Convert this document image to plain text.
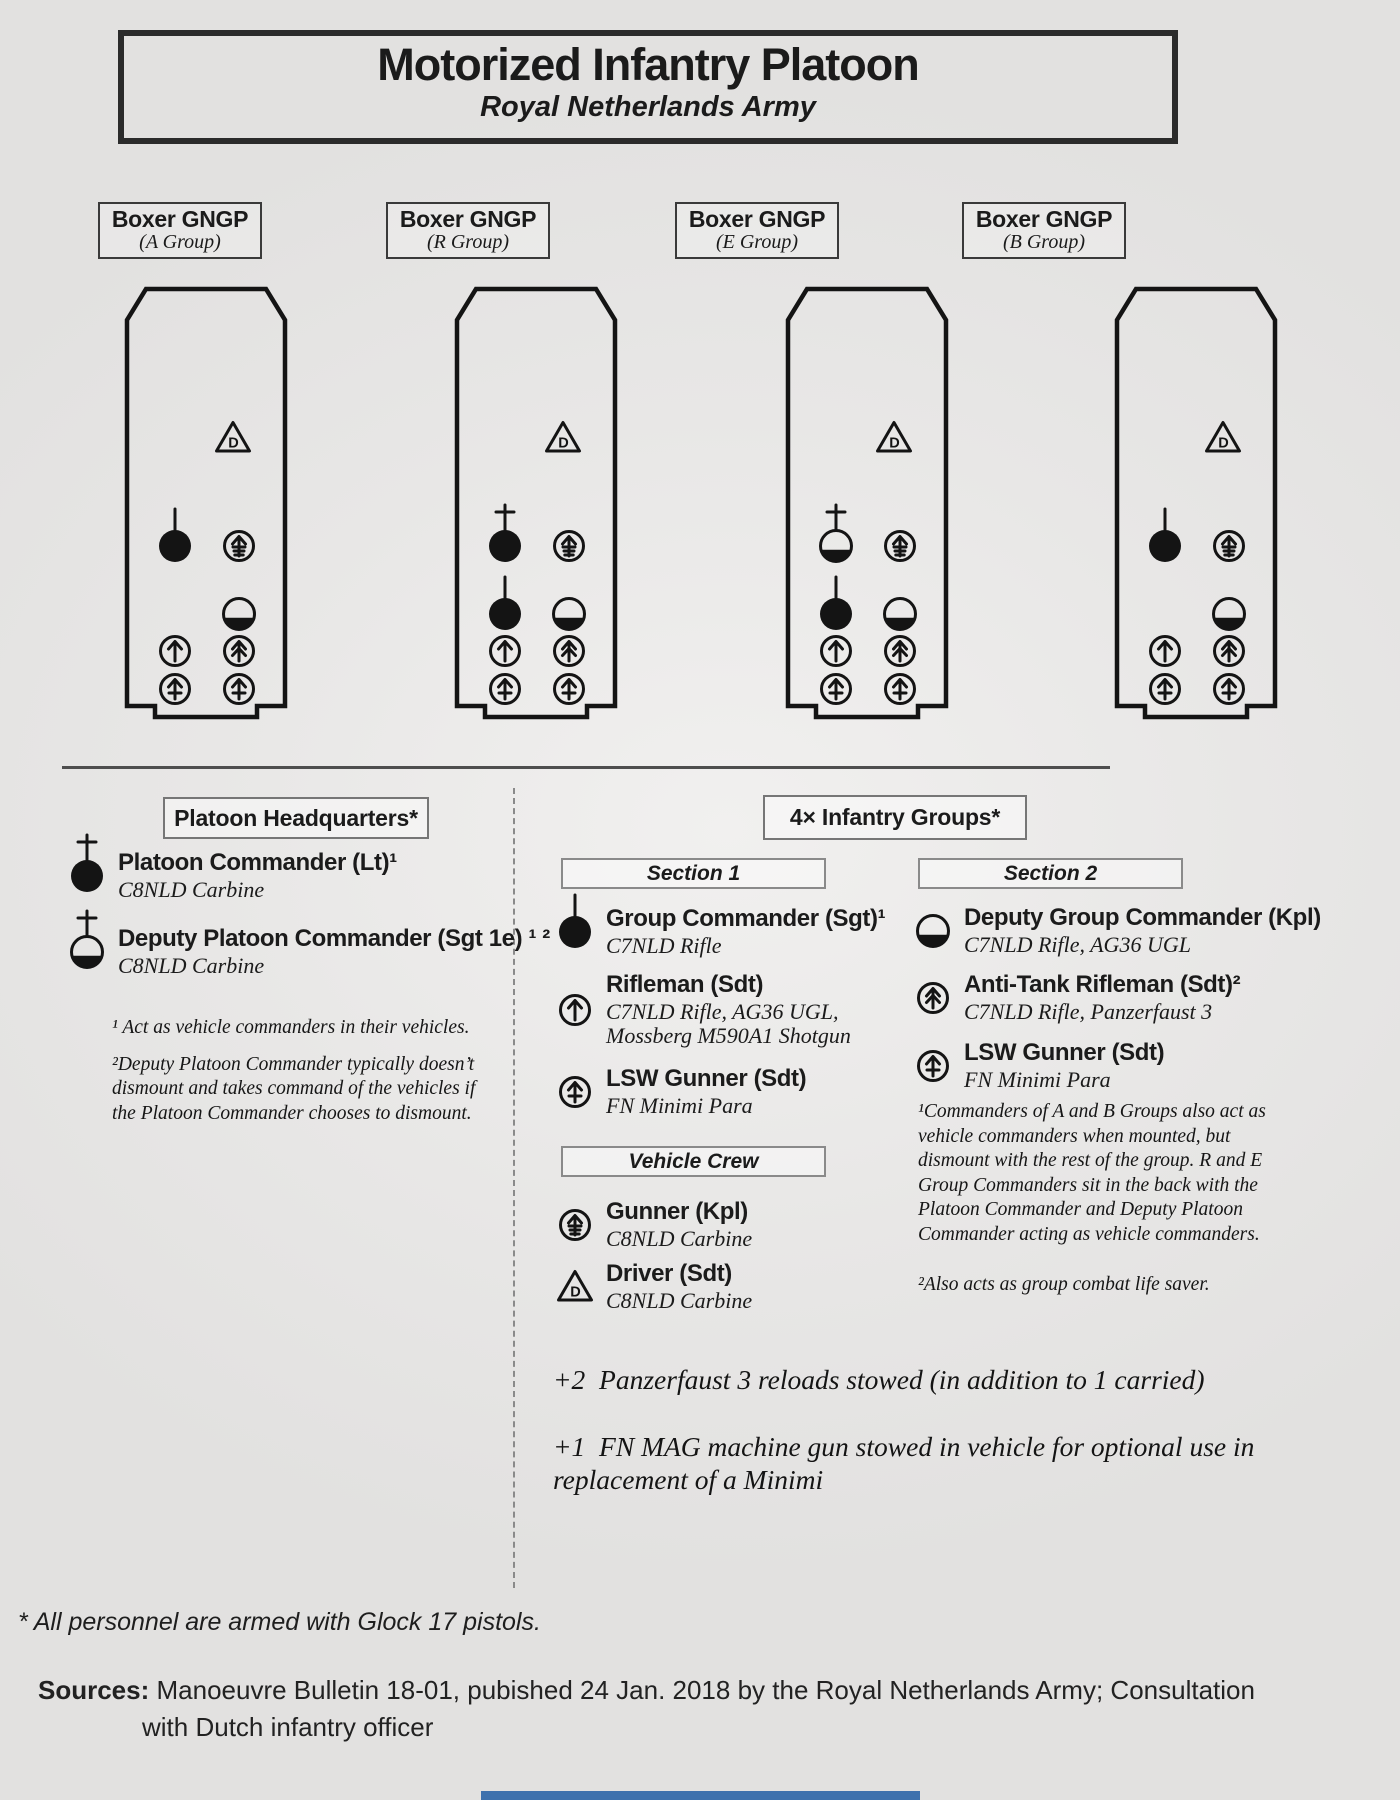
Motorized Infantry Platoon
Royal Netherlands Army
Boxer GNGP
(A Group)
Boxer GNGP
(R Group)
Boxer GNGP
(E Group)
Boxer GNGP
(B Group)
D	D	D	D
Platoon Headquarters*
Platoon Commander (Lt)¹
C8NLD Carbine
Deputy Platoon Commander (Sgt 1e) ¹ ²
C8NLD Carbine
¹ Act as vehicle commanders in their vehicles.
²Deputy Platoon Commander typically doesn’t dismount and takes command of the vehicles if the Platoon Commander chooses to dismount.
4× Infantry Groups*
Section 1
Vehicle Crew
Section 2
Group Commander (Sgt)¹
C7NLD Rifle
Rifleman (Sdt)
C7NLD Rifle, AG36 UGL, Mossberg M590A1 Shotgun
LSW Gunner (Sdt)
FN Minimi Para
Gunner (Kpl)
C8NLD Carbine
D
Driver (Sdt)
C8NLD Carbine
Deputy Group Commander (Kpl)
C7NLD Rifle, AG36 UGL
Anti-Tank Rifleman (Sdt)²
C7NLD Rifle, Panzerfaust 3
LSW Gunner (Sdt)
FN Minimi Para
¹Commanders of A and B Groups also act as vehicle commanders when mounted, but dismount with the rest of the group. R and E Group Commanders sit in the back with the Platoon Commander and Deputy Platoon Commander acting as vehicle commanders.
²Also acts as group combat life saver.
+2  Panzerfaust 3 reloads stowed (in addition to 1 carried)
+1  FN MAG machine gun stowed in vehicle for optional use in replacement of a Minimi
* All personnel are armed with Glock 17 pistols.
Sources: Manoeuvre Bulletin 18-01, pubished 24 Jan. 2018 by the Royal Netherlands Army; Consultation
with Dutch infantry officer
